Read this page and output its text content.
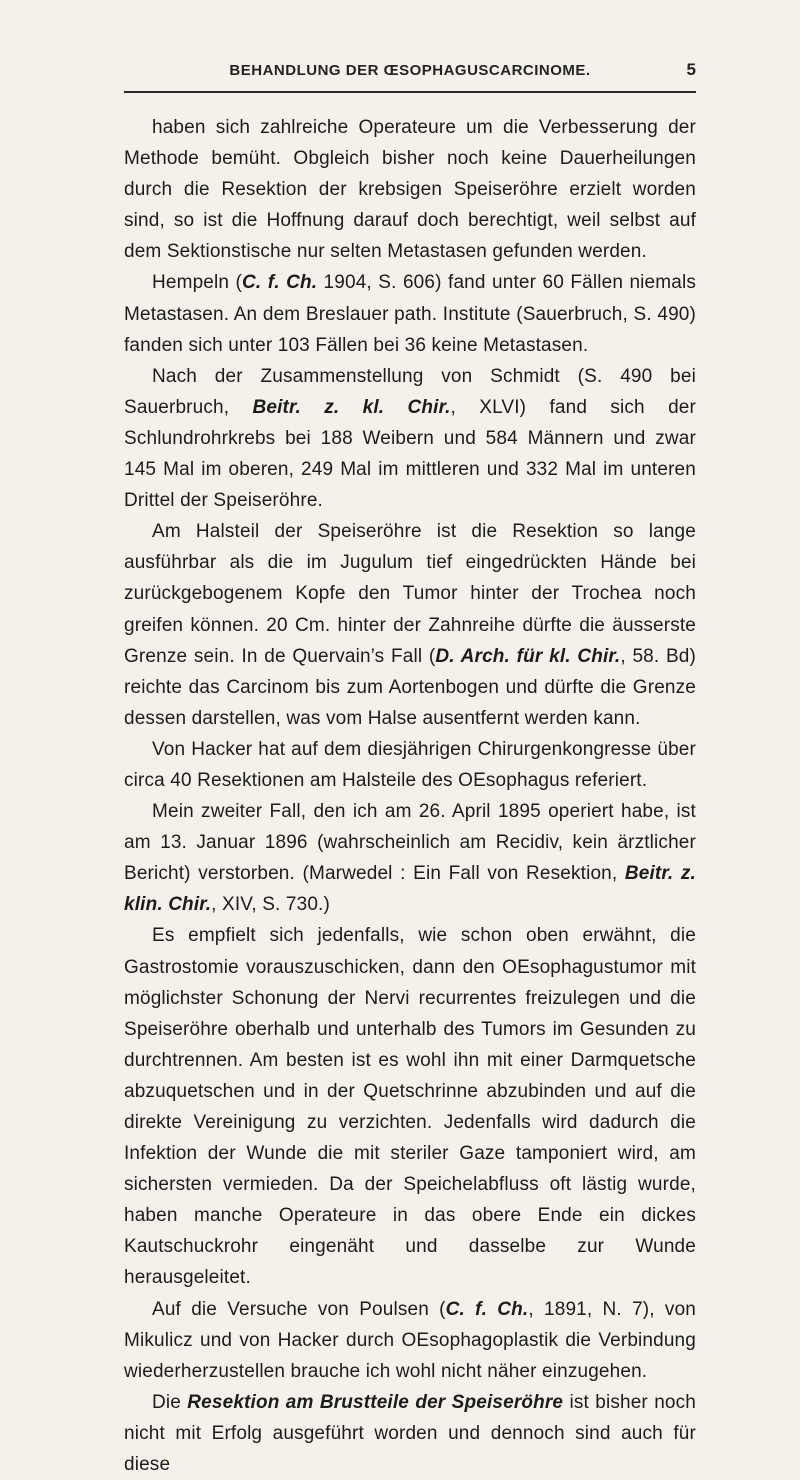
BEHANDLUNG DER ŒSOPHAGUSCARCINOME.	5

haben sich zahlreiche Operateure um die Verbesserung der Methode bemüht. Obgleich bisher noch keine Dauerheilungen durch die Resektion der krebsigen Speiseröhre erzielt worden sind, so ist die Hoffnung darauf doch berechtigt, weil selbst auf dem Sektionstische nur selten Metastasen gefunden werden.

Hempeln (C. f. Ch. 1904, S. 606) fand unter 60 Fällen niemals Metastasen. An dem Breslauer path. Institute (Sauerbruch, S. 490) fanden sich unter 103 Fällen bei 36 keine Metastasen.

Nach der Zusammenstellung von Schmidt (S. 490 bei Sauerbruch, Beitr. z. kl. Chir., XLVI) fand sich der Schlundrohrkrebs bei 188 Weibern und 584 Männern und zwar 145 Mal im oberen, 249 Mal im mittleren und 332 Mal im unteren Drittel der Speiseröhre.

Am Halsteil der Speiseröhre ist die Resektion so lange ausführbar als die im Jugulum tief eingedrückten Hände bei zurückgebogenem Kopfe den Tumor hinter der Trochea noch greifen können. 20 Cm. hinter der Zahnreihe dürfte die äusserste Grenze sein. In de Quervain’s Fall (D. Arch. für kl. Chir., 58. Bd) reichte das Carcinom bis zum Aortenbogen und dürfte die Grenze dessen darstellen, was vom Halse ausentfernt werden kann.

Von Hacker hat auf dem diesjährigen Chirurgenkongresse über circa 40 Resektionen am Halsteile des OEsophagus referiert.

Mein zweiter Fall, den ich am 26. April 1895 operiert habe, ist am 13. Januar 1896 (wahrscheinlich am Recidiv, kein ärztlicher Bericht) verstorben. (Marwedel : Ein Fall von Resektion, Beitr. z. klin. Chir., XIV, S. 730.)

Es empfielt sich jedenfalls, wie schon oben erwähnt, die Gastrostomie vorauszuschicken, dann den OEsophagustumor mit möglichster Schonung der Nervi recurrentes freizulegen und die Speiseröhre oberhalb und unterhalb des Tumors im Gesunden zu durchtrennen. Am besten ist es wohl ihn mit einer Darmquetsche abzuquetschen und in der Quetschrinne abzubinden und auf die direkte Vereinigung zu verzichten. Jedenfalls wird dadurch die Infektion der Wunde die mit steriler Gaze tamponiert wird, am sichersten vermieden. Da der Speichelabfluss oft lästig wurde, haben manche Operateure in das obere Ende ein dickes Kautschuckrohr eingenäht und dasselbe zur Wunde herausgeleitet.

Auf die Versuche von Poulsen (C. f. Ch., 1891, N. 7), von Mikulicz und von Hacker durch OEsophagoplastik die Verbindung wiederherzustellen brauche ich wohl nicht näher einzugehen.

Die Resektion am Brustteile der Speiseröhre ist bisher noch nicht mit Erfolg ausgeführt worden und dennoch sind auch für diese
